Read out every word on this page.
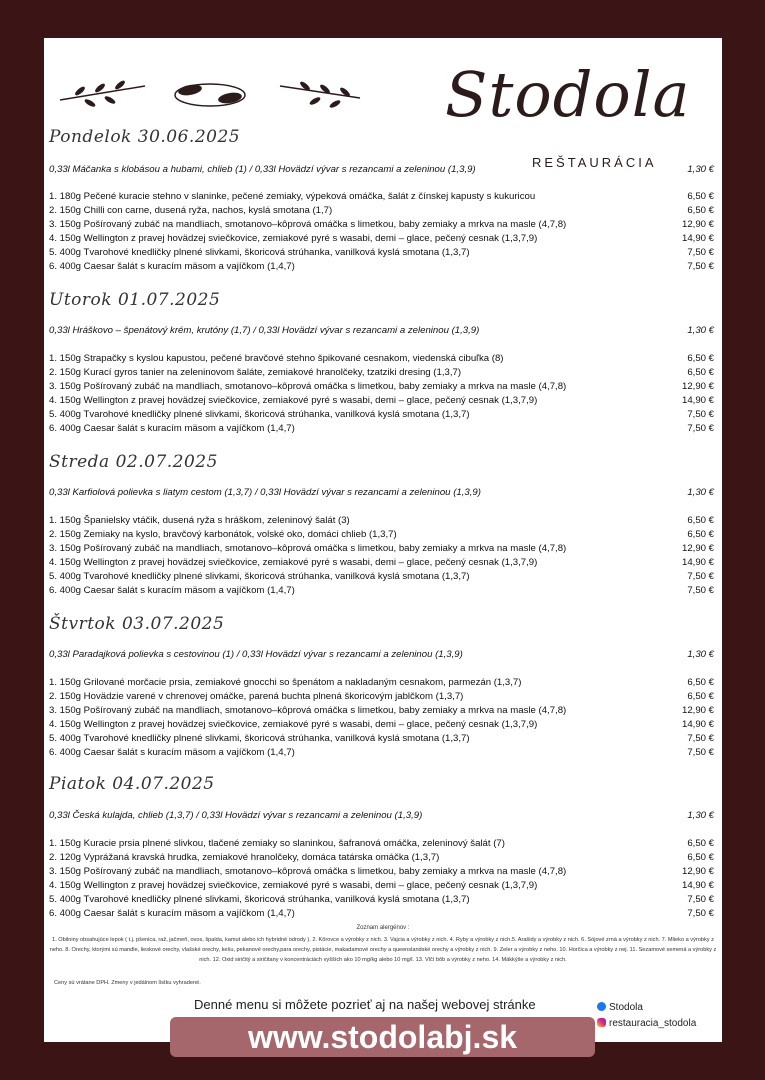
Stodola
REŠTAURÁCIA
Pondelok 30.06.2025
0,33l Máčanka s klobásou a hubami, chlieb (1) / 0,33l Hovädzí vývar s rezancami a zeleninou (1,3,9)	1,30 €
1. 180g Pečené kuracie stehno v slaninke, pečené zemiaky, výpeková omáčka, šalát z čínskej kapusty s kukuricou	6,50 €
2. 150g Chilli con carne, dusená ryža, nachos, kyslá smotana (1,7)	6,50 €
3. 150g Pošírovaný zubáč na mandliach, smotanovo–kôprová omáčka s limetkou, baby zemiaky a mrkva na masle (4,7,8)	12,90 €
4. 150g Wellington z pravej hovädzej sviečkovice, zemiakové pyré s wasabi, demi – glace, pečený cesnak (1,3,7,9)	14,90 €
5. 400g Tvarohové knedličky plnené slivkami, škoricová strúhanka, vanilková kyslá smotana (1,3,7)	7,50 €
6. 400g Caesar šalát s kuracím mäsom a vajíčkom (1,4,7)	7,50 €
Utorok 01.07.2025
0,33l Hráškovo – špenátový krém, krutóny (1,7) / 0,33l Hovädzí vývar s rezancami a zeleninou (1,3,9)	1,30 €
1. 150g Strapačky s kyslou kapustou, pečené bravčové stehno špikované cesnakom, viedenská cibuľka (8)	6,50 €
2. 150g Kurací gyros tanier na zeleninovom šaláte, zemiakové hranolčeky, tzatziki dresing (1,3,7)	6,50 €
3. 150g Pošírovaný zubáč na mandliach, smotanovo–kôprová omáčka s limetkou, baby zemiaky a mrkva na masle (4,7,8)	12,90 €
4. 150g Wellington z pravej hovädzej sviečkovice, zemiakové pyré s wasabi, demi – glace, pečený cesnak (1,3,7,9)	14,90 €
5. 400g Tvarohové knedličky plnené slivkami, škoricová strúhanka, vanilková kyslá smotana (1,3,7)	7,50 €
6. 400g Caesar šalát s kuracím mäsom a vajíčkom (1,4,7)	7,50 €
Streda 02.07.2025
0,33l Karfiolová polievka s liatym cestom (1,3,7) / 0,33l Hovädzí vývar s rezancami a zeleninou (1,3,9)	1,30 €
1. 150g Španielsky vtáčik, dusená ryža s hráškom, zeleninový šalát (3)	6,50 €
2. 150g Zemiaky na kyslo, bravčový karbonátok, volské oko, domáci chlieb (1,3,7)	6,50 €
3. 150g Pošírovaný zubáč na mandliach, smotanovo–kôprová omáčka s limetkou, baby zemiaky a mrkva na masle (4,7,8)	12,90 €
4. 150g Wellington z pravej hovädzej sviečkovice, zemiakové pyré s wasabi, demi – glace, pečený cesnak (1,3,7,9)	14,90 €
5. 400g Tvarohové knedličky plnené slivkami, škoricová strúhanka, vanilková kyslá smotana (1,3,7)	7,50 €
6. 400g Caesar šalát s kuracím mäsom a vajíčkom (1,4,7)	7,50 €
Štvrtok 03.07.2025
0,33l Paradajková polievka s cestovinou (1) / 0,33l Hovädzí vývar s rezancami a zeleninou (1,3,9)	1,30 €
1. 150g Grilované morčacie prsia, zemiakové gnocchi so špenátom a nakladaným cesnakom, parmezán (1,3,7)	6,50 €
2. 150g Hovädzie varené v chrenovej omáčke, parená buchta plnená škoricovým jablčkom (1,3,7)	6,50 €
3. 150g Pošírovaný zubáč na mandliach, smotanovo–kôprová omáčka s limetkou, baby zemiaky a mrkva na masle (4,7,8)	12,90 €
4. 150g Wellington z pravej hovädzej sviečkovice, zemiakové pyré s wasabi, demi – glace, pečený cesnak (1,3,7,9)	14,90 €
5. 400g Tvarohové knedličky plnené slivkami, škoricová strúhanka, vanilková kyslá smotana (1,3,7)	7,50 €
6. 400g Caesar šalát s kuracím mäsom a vajíčkom (1,4,7)	7,50 €
Piatok 04.07.2025
0,33l Česká kulajda, chlieb (1,3,7) / 0,33l Hovädzí vývar s rezancami a zeleninou (1,3,9)	1,30 €
1. 150g Kuracie prsia plnené slivkou, tlačené zemiaky so slaninkou, šafranová omáčka, zeleninový šalát (7)	6,50 €
2. 120g Vyprážaná kravská hrudka, zemiakové hranolčeky, domáca tatárska omáčka (1,3,7)	6,50 €
3. 150g Pošírovaný zubáč na mandliach, smotanovo–kôprová omáčka s limetkou, baby zemiaky a mrkva na masle (4,7,8)	12,90 €
4. 150g Wellington z pravej hovädzej sviečkovice, zemiakové pyré s wasabi, demi – glace, pečený cesnak (1,3,7,9)	14,90 €
5. 400g Tvarohové knedličky plnené slivkami, škoricová strúhanka, vanilková kyslá smotana (1,3,7)	7,50 €
6. 400g Caesar šalát s kuracím mäsom a vajíčkom (1,4,7)	7,50 €
Zoznam alergénov :
1. Obilniny obsahujúce lepok ( t.j. pšenica, raž, jačmeň, ovos, špalda, kamut alebo ich hybridné odrody ). 2. Kôrovce a výrobky z nich. 3. Vajcia a výrobky z nich. 4. Ryby a výrobky z nich.5. Arašidy a výrobky z nich. 6. Sójové zrná a výrobky z nich. 7. Mlieko a výrobky z neho. 8. Orechy, ktorými sú mandle, lieskové orechy, vlašské orechy, kešu, pekanové orechy,para orechy, pistácie, makadamové orechy a queenslandské orechy a výrobky z nich. 9. Zeler a výrobky z neho. 10. Horčica a výrobky z nej. 11. Sezamové semená a výrobky z nich. 12. Oxid siričitý a siričitany v koncentráciách vyšších ako 10 mg/kg alebo 10 mg/l. 13. Vlčí bôb a výrobky z neho. 14. Mäkkýše a výrobky z nich.
Ceny sú vrátane DPH. Zmeny v jedálnom lístku vyhradené.
Denné menu si môžete pozrieť aj na našej webovej stránke	Stodola
restauracia_stodola
www.stodolabj.sk
